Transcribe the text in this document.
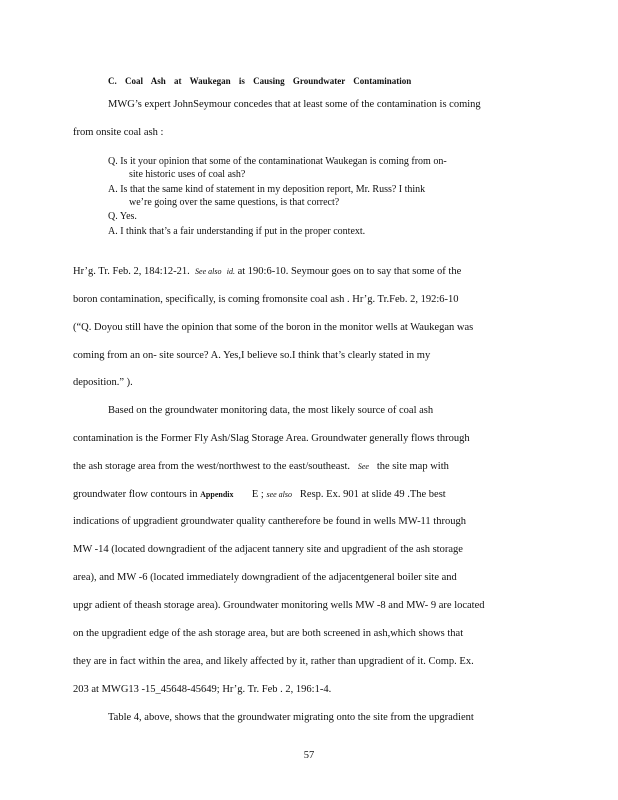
C. Coal Ash at Waukegan is Causing Groundwater Contamination
MWG’s expert JohnSeymour concedes that at least some of the contamination is coming
from onsite coal ash :
Q. Is it your opinion that some of the contaminationat Waukegan is coming from on-
site historic uses of coal ash?
A. Is that the same kind of statement in my deposition report, Mr. Russ? I think
we’re going over the same questions, is that correct?
Q. Yes.
A. I think that’s a fair understanding if put in the proper context.
Hr’g. Tr. Feb. 2, 184:12-21. See also id. at 190:6-10. Seymour goes on to say that some of the
boron contamination, specifically, is coming fromonsite coal ash . Hr’g. Tr.Feb. 2, 192:6-10
(“Q. Doyou still have the opinion that some of the boron in the monitor wells at Waukegan was
coming from an on- site source? A. Yes,I believe so.I think that’s clearly stated in my
deposition.” ).
Based on the groundwater monitoring data, the most likely source of coal ash
contamination is the Former Fly Ash/Slag Storage Area. Groundwater generally flows through
the ash storage area from the west/northwest to the east/southeast. See the site map with
groundwater flow contours in Appendix E ; see also Resp. Ex. 901 at slide 49 .The best
indications of upgradient groundwater quality cantherefore be found in wells MW-11 through
MW -14 (located downgradient of the adjacent tannery site and upgradient of the ash storage
area), and MW -6 (located immediately downgradient of the adjacentgeneral boiler site and
upgr adient of theash storage area). Groundwater monitoring wells MW -8 and MW- 9 are located
on the upgradient edge of the ash storage area, but are both screened in ash,which shows that
they are in fact within the area, and likely affected by it, rather than upgradient of it. Comp. Ex.
203 at MWG13 -15_45648-45649; Hr’g. Tr. Feb . 2, 196:1-4.
Table 4, above, shows that the groundwater migrating onto the site from the upgradient
57
